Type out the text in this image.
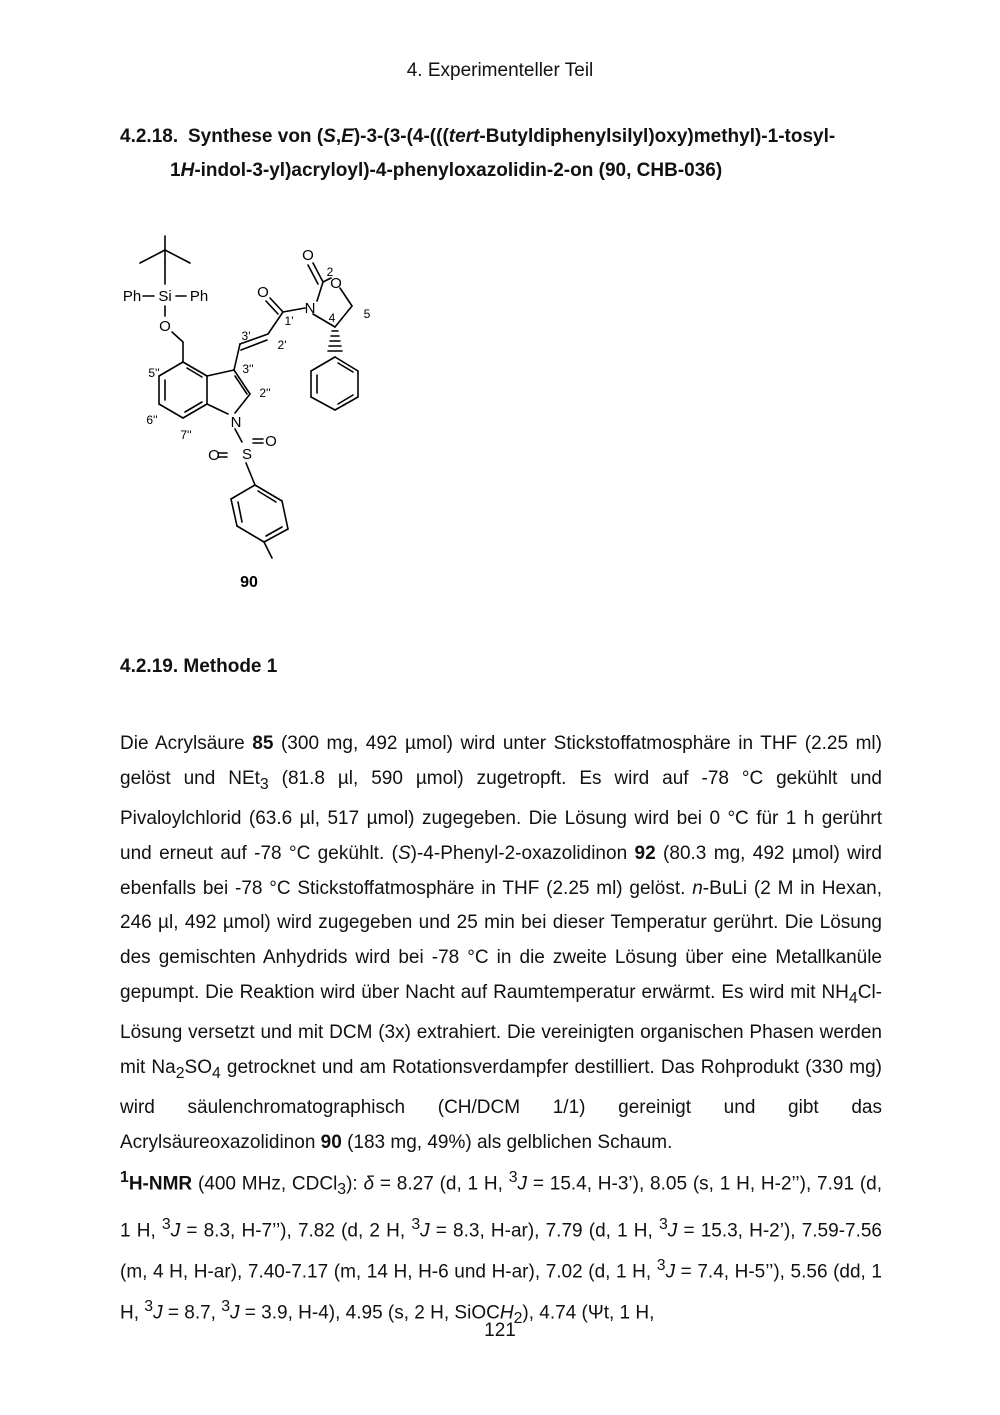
4. Experimenteller Teil
4.2.18. Synthese von (S,E)-3-(3-(4-(((tert-Butyldiphenylsilyl)oxy)methyl)-1-tosyl-
1H-indol-3-yl)acryloyl)-4-phenyloxazolidin-2-on (90, CHB-036)
Ph Si Ph
O
O
N
O
O
N
S
O
O
2
5
4
1'
2'
3'
3''
2''
5''
6''
7''
90
4.2.19. Methode 1

Die Acrylsäure 85 (300 mg, 492 µmol) wird unter Stickstoffatmosphäre in THF (2.25 ml) gelöst und NEt$_3$ (81.8 µl, 590 µmol) zugetropft. Es wird auf -78 °C gekühlt und Pivaloylchlorid (63.6 µl, 517 µmol) zugegeben. Die Lösung wird bei 0 °C für 1 h gerührt und erneut auf -78 °C gekühlt. (S)-4-Phenyl-2-oxazolidinon 92 (80.3 mg, 492 µmol) wird ebenfalls bei -78 °C Stickstoffatmosphäre in THF (2.25 ml) gelöst. n-BuLi (2 M in Hexan, 246 µl, 492 µmol) wird zugegeben und 25 min bei dieser Temperatur gerührt. Die Lösung des gemischten Anhydrids wird bei -78 °C in die zweite Lösung über eine Metallkanüle gepumpt. Die Reaktion wird über Nacht auf Raumtemperatur erwärmt. Es wird mit $NH_4Cl$-Lösung versetzt und mit DCM (3x) extrahiert. Die vereinigten organischen Phasen werden mit $Na_2SO_4$ getrocknet und am Rotationsverdampfer destilliert. Das Rohprodukt (330 mg) wird säulenchromatographisch (CH/DCM 1/1) gereinigt und gibt das Acrylsäureoxazolidinon 90 (183 mg, 49%) als gelblichen Schaum.

$^1$H-NMR (400 MHz, CDCl$_3$): δ = 8.27 (d, 1 H, $^3$J = 15.4, H-3’), 8.05 (s, 1 H, H-2’’), 7.91 (d, 1 H, $^3$J = 8.3, H-7’’), 7.82 (d, 2 H, $^3$J = 8.3, H-ar), 7.79 (d, 1 H, $^3$J = 15.3, H-2’), 7.59-7.56 (m, 4 H, H-ar), 7.40-7.17 (m, 14 H, H-6 und H-ar), 7.02 (d, 1 H, $^3$J = 7.4, H-5’’), 5.56 (dd, 1 H, $^3$J = 8.7, $^3$J = 3.9, H-4), 4.95 (s, 2 H, SiOCH$_2$), 4.74 (Ψt, 1 H,

121
